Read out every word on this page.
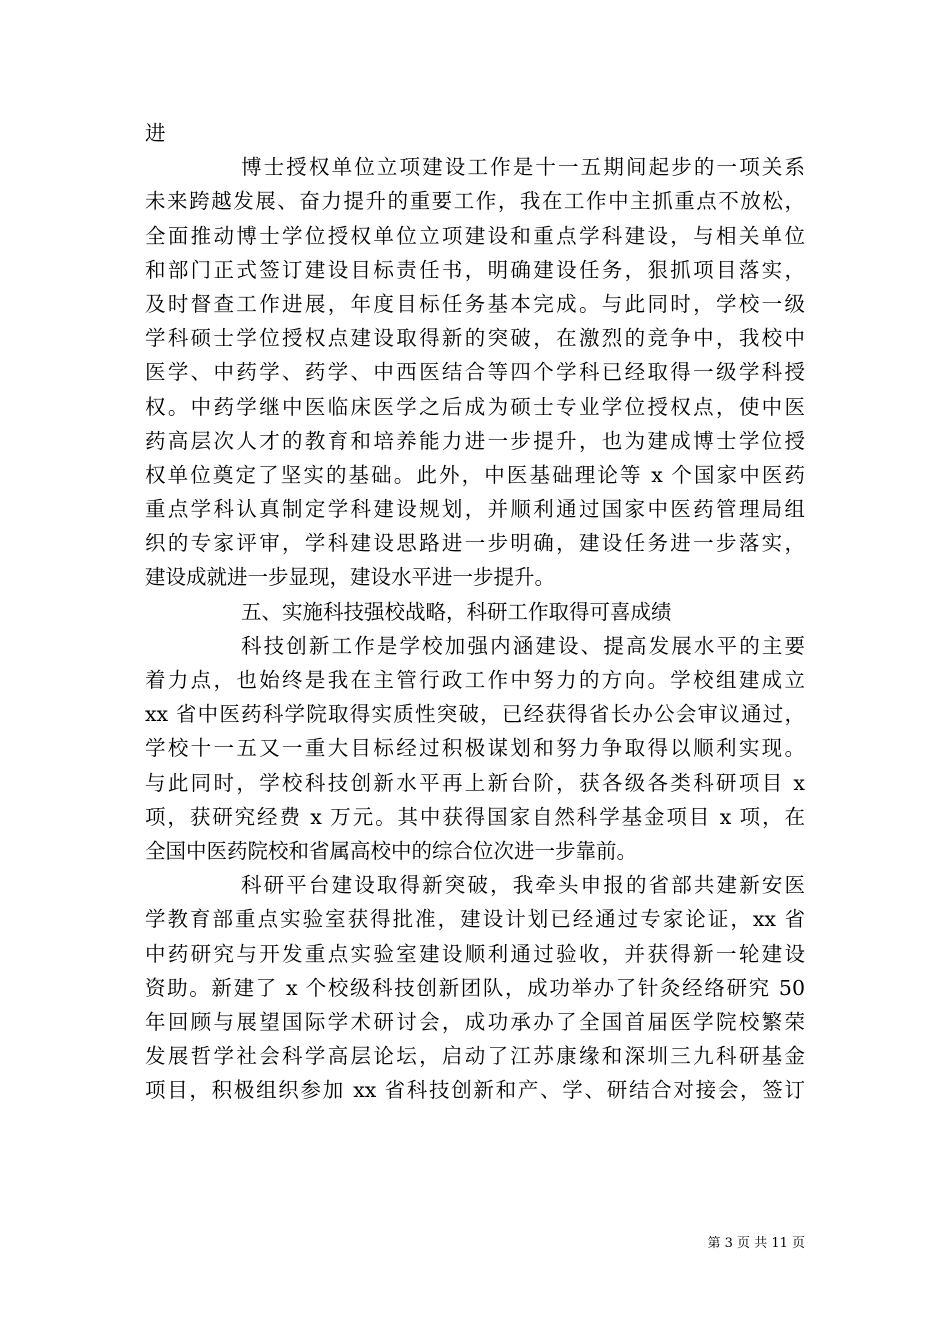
进
博士授权单位立项建设工作是十一五期间起步的一项关系
未来跨越发展、奋力提升的重要工作，我在工作中主抓重点不放松，
全面推动博士学位授权单位立项建设和重点学科建设，与相关单位
和部门正式签订建设目标责任书，明确建设任务，狠抓项目落实，
及时督查工作进展，年度目标任务基本完成。与此同时，学校一级
学科硕士学位授权点建设取得新的突破，在激烈的竞争中，我校中
医学、中药学、药学、中西医结合等四个学科已经取得一级学科授
权。中药学继中医临床医学之后成为硕士专业学位授权点，使中医
药高层次人才的教育和培养能力进一步提升，也为建成博士学位授
权单位奠定了坚实的基础。此外，中医基础理论等 x 个国家中医药
重点学科认真制定学科建设规划，并顺利通过国家中医药管理局组
织的专家评审，学科建设思路进一步明确，建设任务进一步落实，
建设成就进一步显现，建设水平进一步提升。
五、实施科技强校战略，科研工作取得可喜成绩
科技创新工作是学校加强内涵建设、提高发展水平的主要
着力点，也始终是我在主管行政工作中努力的方向。学校组建成立
xx 省中医药科学院取得实质性突破，已经获得省长办公会审议通过，
学校十一五又一重大目标经过积极谋划和努力争取得以顺利实现。
与此同时，学校科技创新水平再上新台阶，获各级各类科研项目 x
项，获研究经费 x 万元。其中获得国家自然科学基金项目 x 项，在
全国中医药院校和省属高校中的综合位次进一步靠前。
科研平台建设取得新突破，我牵头申报的省部共建新安医
学教育部重点实验室获得批准，建设计划已经通过专家论证，xx 省
中药研究与开发重点实验室建设顺利通过验收，并获得新一轮建设
资助。新建了 x 个校级科技创新团队，成功举办了针灸经络研究 50
年回顾与展望国际学术研讨会，成功承办了全国首届医学院校繁荣
发展哲学社会科学高层论坛，启动了江苏康缘和深圳三九科研基金
项目，积极组织参加 xx 省科技创新和产、学、研结合对接会，签订
第 3 页 共 11 页
